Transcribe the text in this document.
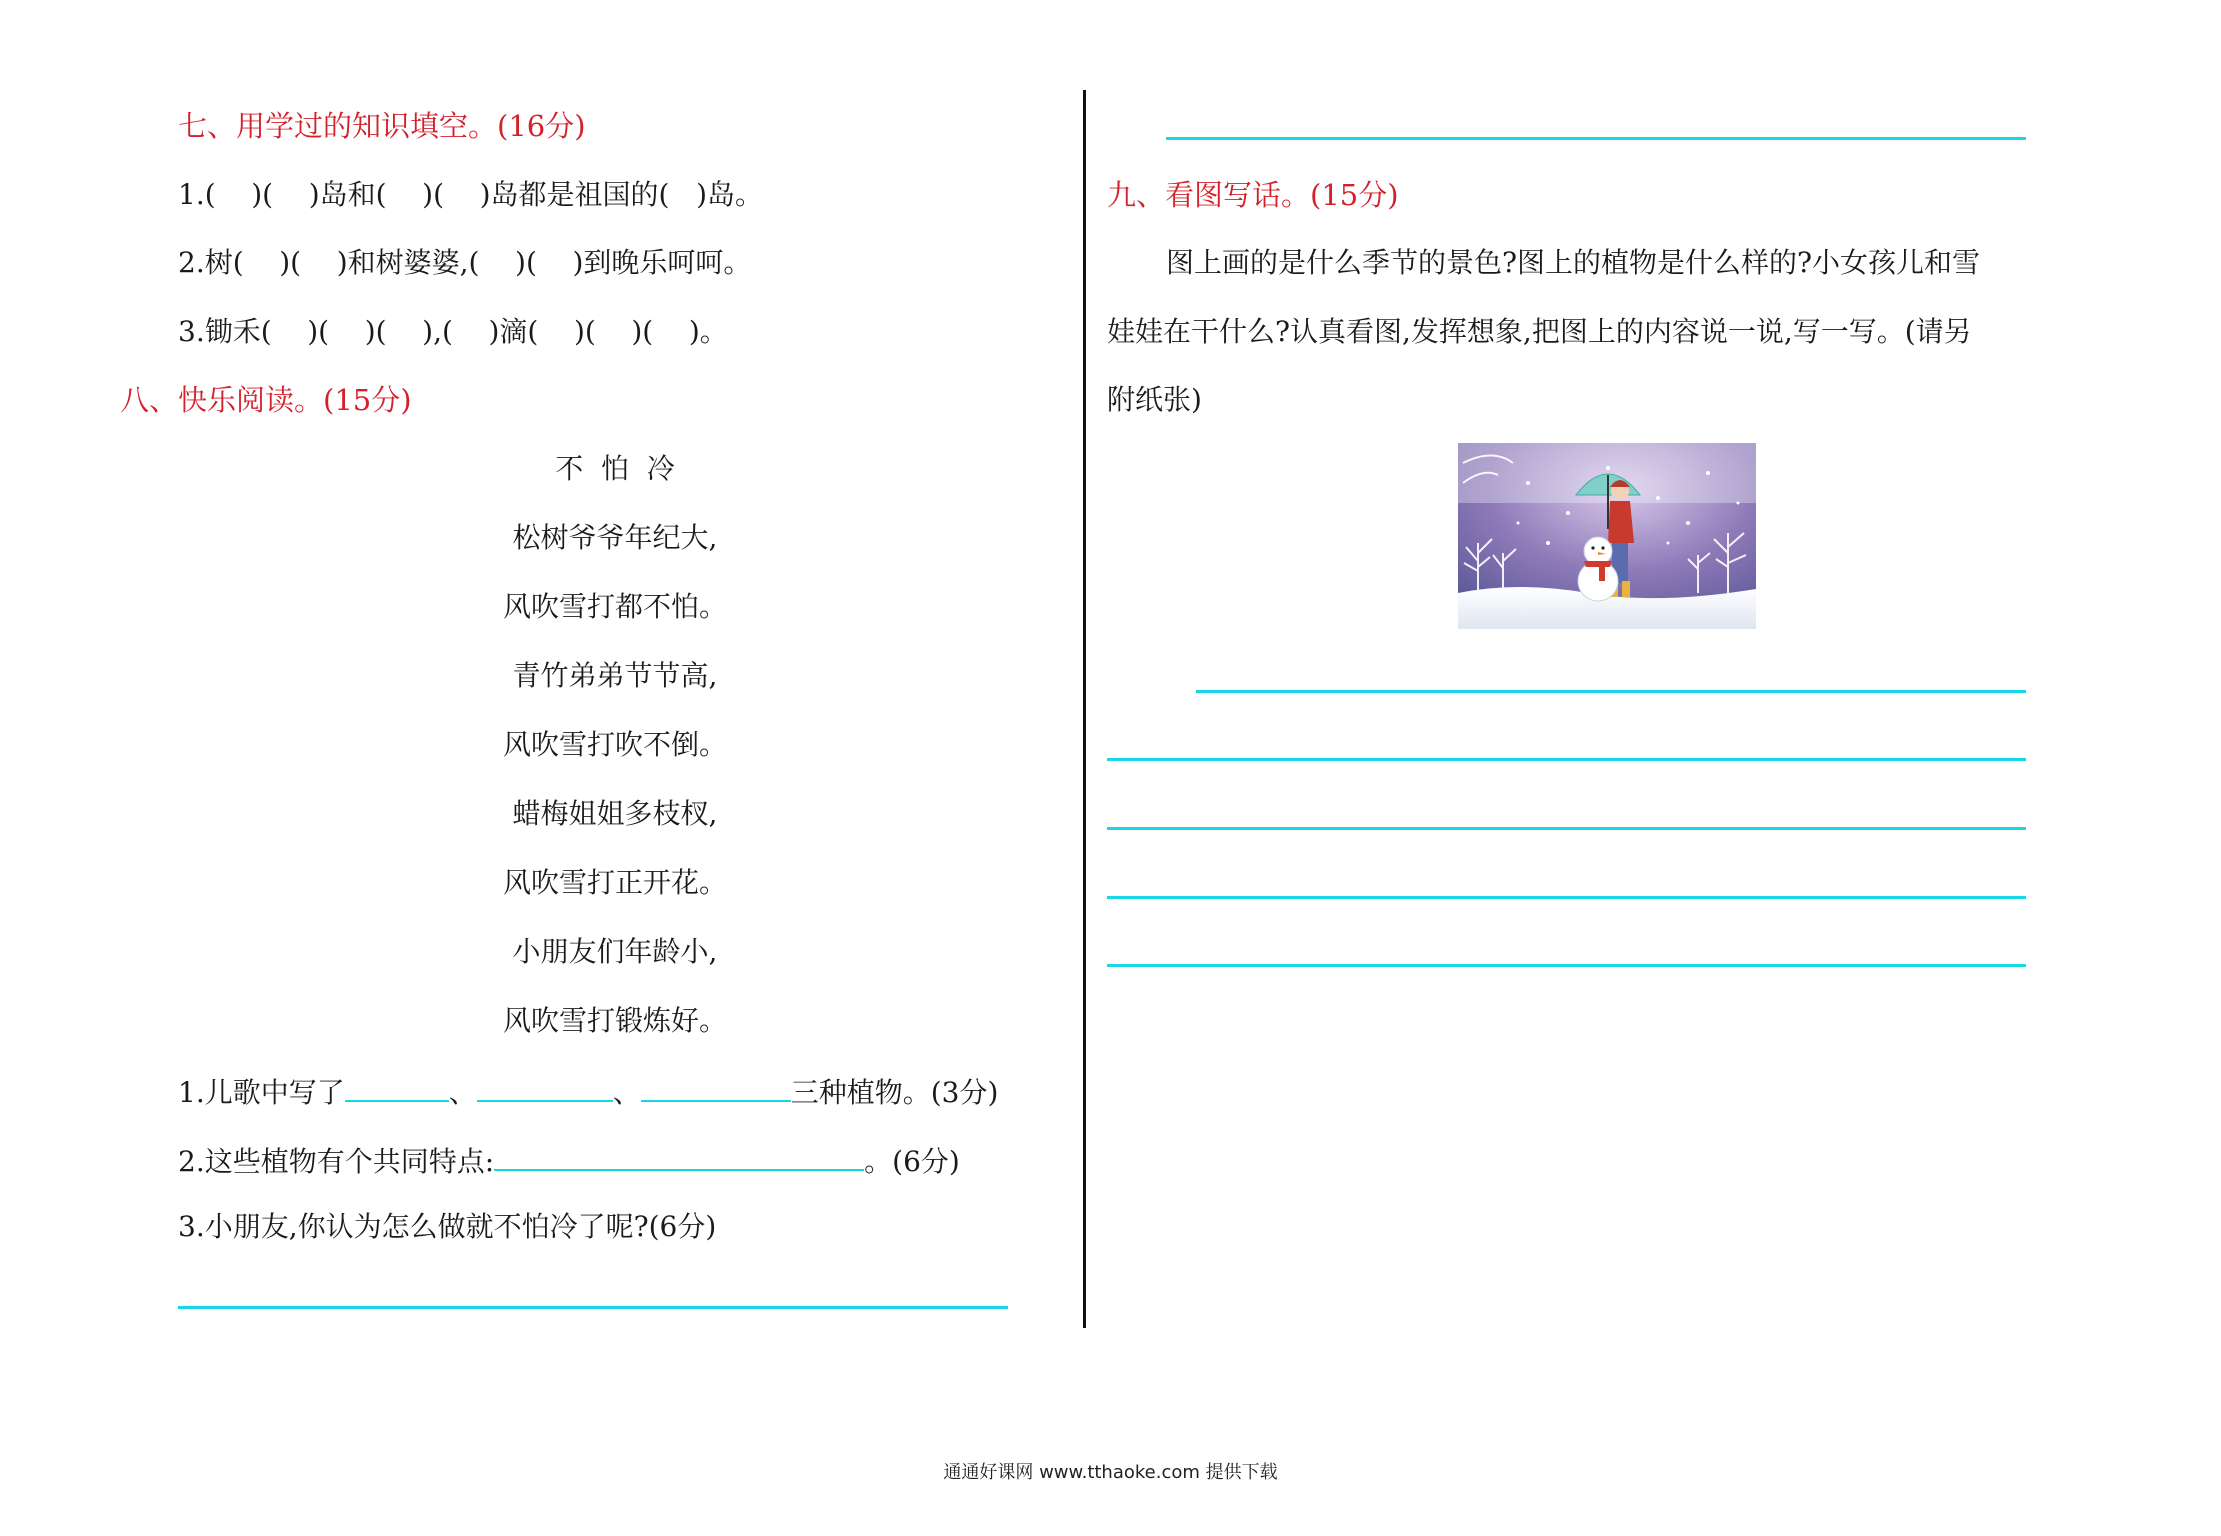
七、用学过的知识填空。(16分)
1.(    )(    )岛和(    )(    )岛都是祖国的(   )岛。
2.树(    )(    )和树婆婆,(    )(    )到晚乐呵呵。
3.锄禾(    )(    )(    ),(    )滴(    )(    )(    )。
八、快乐阅读。(15分)
不  怕  冷
松树爷爷年纪大,
风吹雪打都不怕。
青竹弟弟节节高,
风吹雪打吹不倒。
蜡梅姐姐多枝杈,
风吹雪打正开花。
小朋友们年龄小,
风吹雪打锻炼好。
1.儿歌中写了	、	、	三种植物。(3分)
2.这些植物有个共同特点:	。(6分)
3.小朋友,你认为怎么做就不怕冷了呢?(6分)
九、看图写话。(15分)
图上画的是什么季节的景色?图上的植物是什么样的?小女孩儿和雪
娃娃在干什么?认真看图,发挥想象,把图上的内容说一说,写一写。(请另
附纸张)
通通好课网 www.tthaoke.com 提供下载
